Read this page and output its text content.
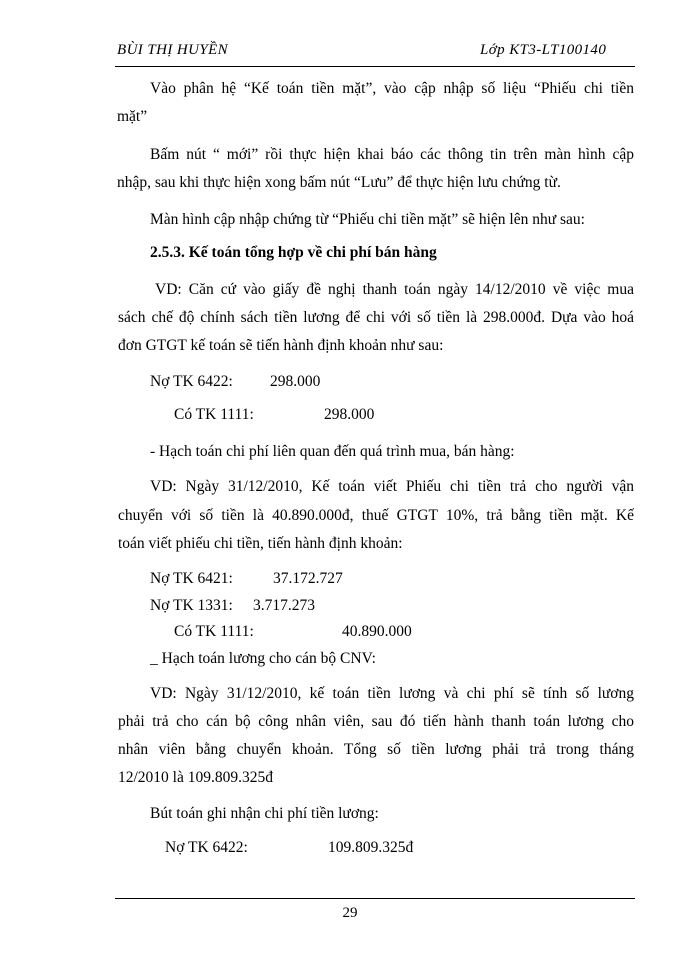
BÙI THỊ HUYỀN	Lớp KT3-LT100140
Vào phân hệ “Kế toán tiền mặt”, vào cập nhập số liệu “Phiếu chi tiền
mặt”
Bấm nút “ mới” rồi thực hiện khai báo các thông tin trên màn hình cập
nhập, sau khi thực hiện xong bấm nút “Lưu” để thực hiện lưu chứng từ.
Màn hình cập nhập chứng từ “Phiếu chi tiền mặt” sẽ hiện lên như sau:
2.5.3. Kế toán tổng hợp về chi phí bán hàng
VD: Căn cứ vào giấy đề nghị thanh toán ngày 14/12/2010 về việc mua
sách chế độ chính sách tiền lương để chi với số tiền là 298.000đ. Dựa vào hoá
đơn GTGT kế toán sẽ tiến hành định khoản như sau:
Nợ TK 6422: 298.000
Có TK 1111:	298.000
- Hạch toán chi phí liên quan đến quá trình mua, bán hàng:
VD: Ngày 31/12/2010, Kế toán viết Phiếu chi tiền trả cho người vận
chuyển với số tiền là 40.890.000đ, thuế GTGT 10%, trả bằng tiền mặt. Kế
toán viết phiếu chi tiền, tiến hành định khoản:
Nợ TK 6421:	37.172.727
Nợ TK 1331: 3.717.273
Có TK 1111:	40.890.000
_ Hạch toán lương cho cán bộ CNV:
VD: Ngày 31/12/2010, kế toán tiền lương và chi phí sẽ tính số lương
phải trả cho cán bộ công nhân viên, sau đó tiến hành thanh toán lương cho
nhân viên bằng chuyển khoản. Tổng số tiền lương phải trả trong tháng
12/2010 là 109.809.325đ
Bút toán ghi nhận chi phí tiền lương:
Nợ TK 6422:	109.809.325đ
29
